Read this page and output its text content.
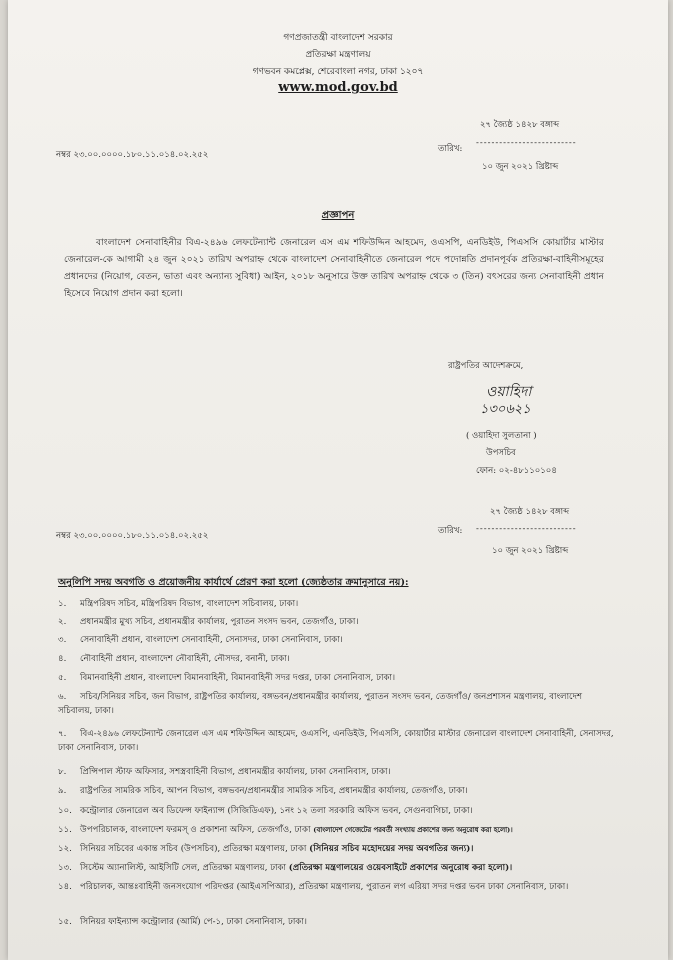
গণপ্রজাতন্ত্রী বাংলাদেশ সরকার
প্রতিরক্ষা মন্ত্রণালয়
গণভবন কমপ্লেক্স, শেরেবাংলা নগর, ঢাকা ১২০৭
www.mod.gov.bd
২৭ জ্যৈষ্ঠ ১৪২৮ বঙ্গাব্দ
নম্বর ২৩.০০.০০০০.১৮০.১১.০১৪.০২.২৫২
তারিখ:
--------------------------
১০ জুন ২০২১ খ্রিষ্টাব্দ
প্রজ্ঞাপন
বাংলাদেশ সেনাবাহিনীর বিএ-২৪৯৬ লেফটেন্যান্ট জেনারেল এস এম শফিউদ্দিন আহমেদ, ওএসপি, এনডিইউ, পিএসসি কোয়ার্টার মাস্টার জেনারেল-কে আগামী ২৪ জুন ২০২১ তারিখ অপরাহ্ন থেকে বাংলাদেশ সেনাবাহিনীতে জেনারেল পদে পদোন্নতি প্রদানপূর্বক প্রতিরক্ষা-বাহিনীসমূহের প্রধানদের (নিয়োগ, বেতন, ভাতা এবং অন্যান্য সুবিধা) আইন, ২০১৮ অনুসারে উক্ত তারিখ অপরাহ্ন থেকে ৩ (তিন) বৎসরের জন্য সেনাবাহিনী প্রধান হিসেবে নিয়োগ প্রদান করা হলো।
রাষ্ট্রপতির আদেশক্রমে,
ওয়াহিদা
১৩০৬২১
( ওয়াহিদা সুলতানা )
উপসচিব
ফোন: ০২-৪৮১১০১০৪
২৭ জ্যৈষ্ঠ ১৪২৮ বঙ্গাব্দ
নম্বর ২৩.০০.০০০০.১৮০.১১.০১৪.০২.২৫২	তারিখ: --------------------------
১০ জুন ২০২১ খ্রিষ্টাব্দ
অনুলিপি সদয় অবগতি ও প্রয়োজনীয় কার্যার্থে প্রেরণ করা হলো (জ্যেষ্ঠতার ক্রমানুসারে নয়):
১. মন্ত্রিপরিষদ সচিব, মন্ত্রিপরিষদ বিভাগ, বাংলাদেশ সচিবালয়, ঢাকা।
২. প্রধানমন্ত্রীর মুখ্য সচিব, প্রধানমন্ত্রীর কার্যালয়, পুরাতন সংসদ ভবন, তেজগাঁও, ঢাকা।
৩. সেনাবাহিনী প্রধান, বাংলাদেশ সেনাবাহিনী, সেনাসদর, ঢাকা সেনানিবাস, ঢাকা।
৪. নৌবাহিনী প্রধান, বাংলাদেশ নৌবাহিনী, নৌসদর, বনানী, ঢাকা।
৫. বিমানবাহিনী প্রধান, বাংলাদেশ বিমানবাহিনী, বিমানবাহিনী সদর দপ্তর, ঢাকা সেনানিবাস, ঢাকা।
৬. সচিব/সিনিয়র সচিব, জন বিভাগ, রাষ্ট্রপতির কার্যালয়, বঙ্গভবন/প্রধানমন্ত্রীর কার্যালয়, পুরাতন সংসদ ভবন, তেজগাঁও/ জনপ্রশাসন মন্ত্রণালয়, বাংলাদেশ সচিবালয়, ঢাকা।
৭. বিএ-২৪৯৬ লেফটেন্যান্ট জেনারেল এস এম শফিউদ্দিন আহমেদ, ওএসপি, এনডিইউ, পিএসসি, কোয়ার্টার মাস্টার জেনারেল বাংলাদেশ সেনাবাহিনী, সেনাসদর, ঢাকা সেনানিবাস, ঢাকা।
৮. প্রিন্সিপাল স্টাফ অফিসার, সশস্ত্রবাহিনী বিভাগ, প্রধানমন্ত্রীর কার্যালয়, ঢাকা সেনানিবাস, ঢাকা।
৯. রাষ্ট্রপতির সামরিক সচিব, আপন বিভাগ, বঙ্গভবন/প্রধানমন্ত্রীর সামরিক সচিব, প্রধানমন্ত্রীর কার্যালয়, তেজগাঁও, ঢাকা।
১০. কন্ট্রোলার জেনারেল অব ডিফেন্স ফাইন্যান্স (সিজিডিএফ), ১নং ১২ তলা সরকারি অফিস ভবন, সেগুনবাগিচা, ঢাকা।
১১. উপপরিচালক, বাংলাদেশ ফরমস্ ও প্রকাশনা অফিস, তেজগাঁও, ঢাকা (বাংলাদেশ গেজেটের পরবর্তী সংখ্যায় প্রকাশের জন্য অনুরোধ করা হলো)।
১২. সিনিয়র সচিবের একান্ত সচিব (উপসচিব), প্রতিরক্ষা মন্ত্রণালয়, ঢাকা (সিনিয়র সচিব মহোদয়ের সদয় অবগতির জন্য)।
১৩. সিস্টেম অ্যানালিস্ট, আইসিটি সেল, প্রতিরক্ষা মন্ত্রণালয়, ঢাকা (প্রতিরক্ষা মন্ত্রণালয়ের ওয়েবসাইটে প্রকাশের অনুরোধ করা হলো)।
১৪. পরিচালক, আন্তঃবাহিনী জনসংযোগ পরিদপ্তর (আইএসপিআর), প্রতিরক্ষা মন্ত্রণালয়, পুরাতন লগ এরিয়া সদর দপ্তর ভবন ঢাকা সেনানিবাস, ঢাকা।
১৫. সিনিয়র ফাইন্যান্স কন্ট্রোলার (আর্মি) পে-১, ঢাকা সেনানিবাস, ঢাকা।
